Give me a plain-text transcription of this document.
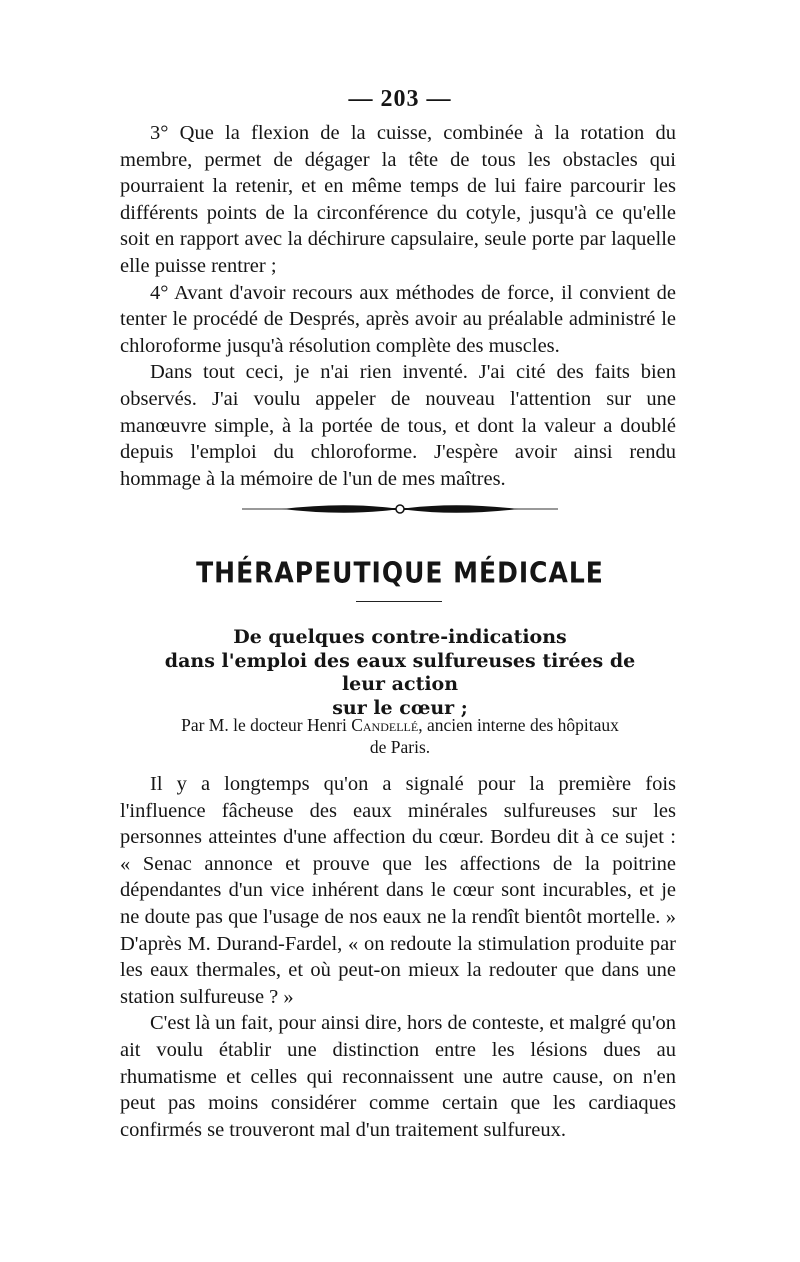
— 203 —

3° Que la flexion de la cuisse, combinée à la rotation du membre, permet de dégager la tête de tous les obstacles qui pourraient la retenir, et en même temps de lui faire parcourir les différents points de la circonférence du cotyle, jusqu'à ce qu'elle soit en rapport avec la déchirure capsulaire, seule porte par laquelle elle puisse rentrer ;

4° Avant d'avoir recours aux méthodes de force, il convient de tenter le procédé de Després, après avoir au préalable administré le chloroforme jusqu'à résolution complète des muscles.

Dans tout ceci, je n'ai rien inventé. J'ai cité des faits bien observés. J'ai voulu appeler de nouveau l'attention sur une manœuvre simple, à la portée de tous, et dont la valeur a doublé depuis l'emploi du chloroforme. J'espère avoir ainsi rendu hommage à la mémoire de l'un de mes maîtres.

THÉRAPEUTIQUE MÉDICALE
De quelques contre-indications
dans l'emploi des eaux sulfureuses tirées de leur action
sur le cœur ;
Par M. le docteur Henri Candellé, ancien interne des hôpitaux
de Paris.

Il y a longtemps qu'on a signalé pour la première fois l'influence fâcheuse des eaux minérales sulfureuses sur les personnes atteintes d'une affection du cœur. Bordeu dit à ce sujet : « Senac annonce et prouve que les affections de la poitrine dépendantes d'un vice inhérent dans le cœur sont incurables, et je ne doute pas que l'usage de nos eaux ne la rendît bientôt mortelle. » D'après M. Durand-Fardel, « on redoute la stimulation produite par les eaux thermales, et où peut-on mieux la redouter que dans une station sulfureuse ? »

C'est là un fait, pour ainsi dire, hors de conteste, et malgré qu'on ait voulu établir une distinction entre les lésions dues au rhumatisme et celles qui reconnaissent une autre cause, on n'en peut pas moins considérer comme certain que les cardiaques confirmés se trouveront mal d'un traitement sulfureux.
